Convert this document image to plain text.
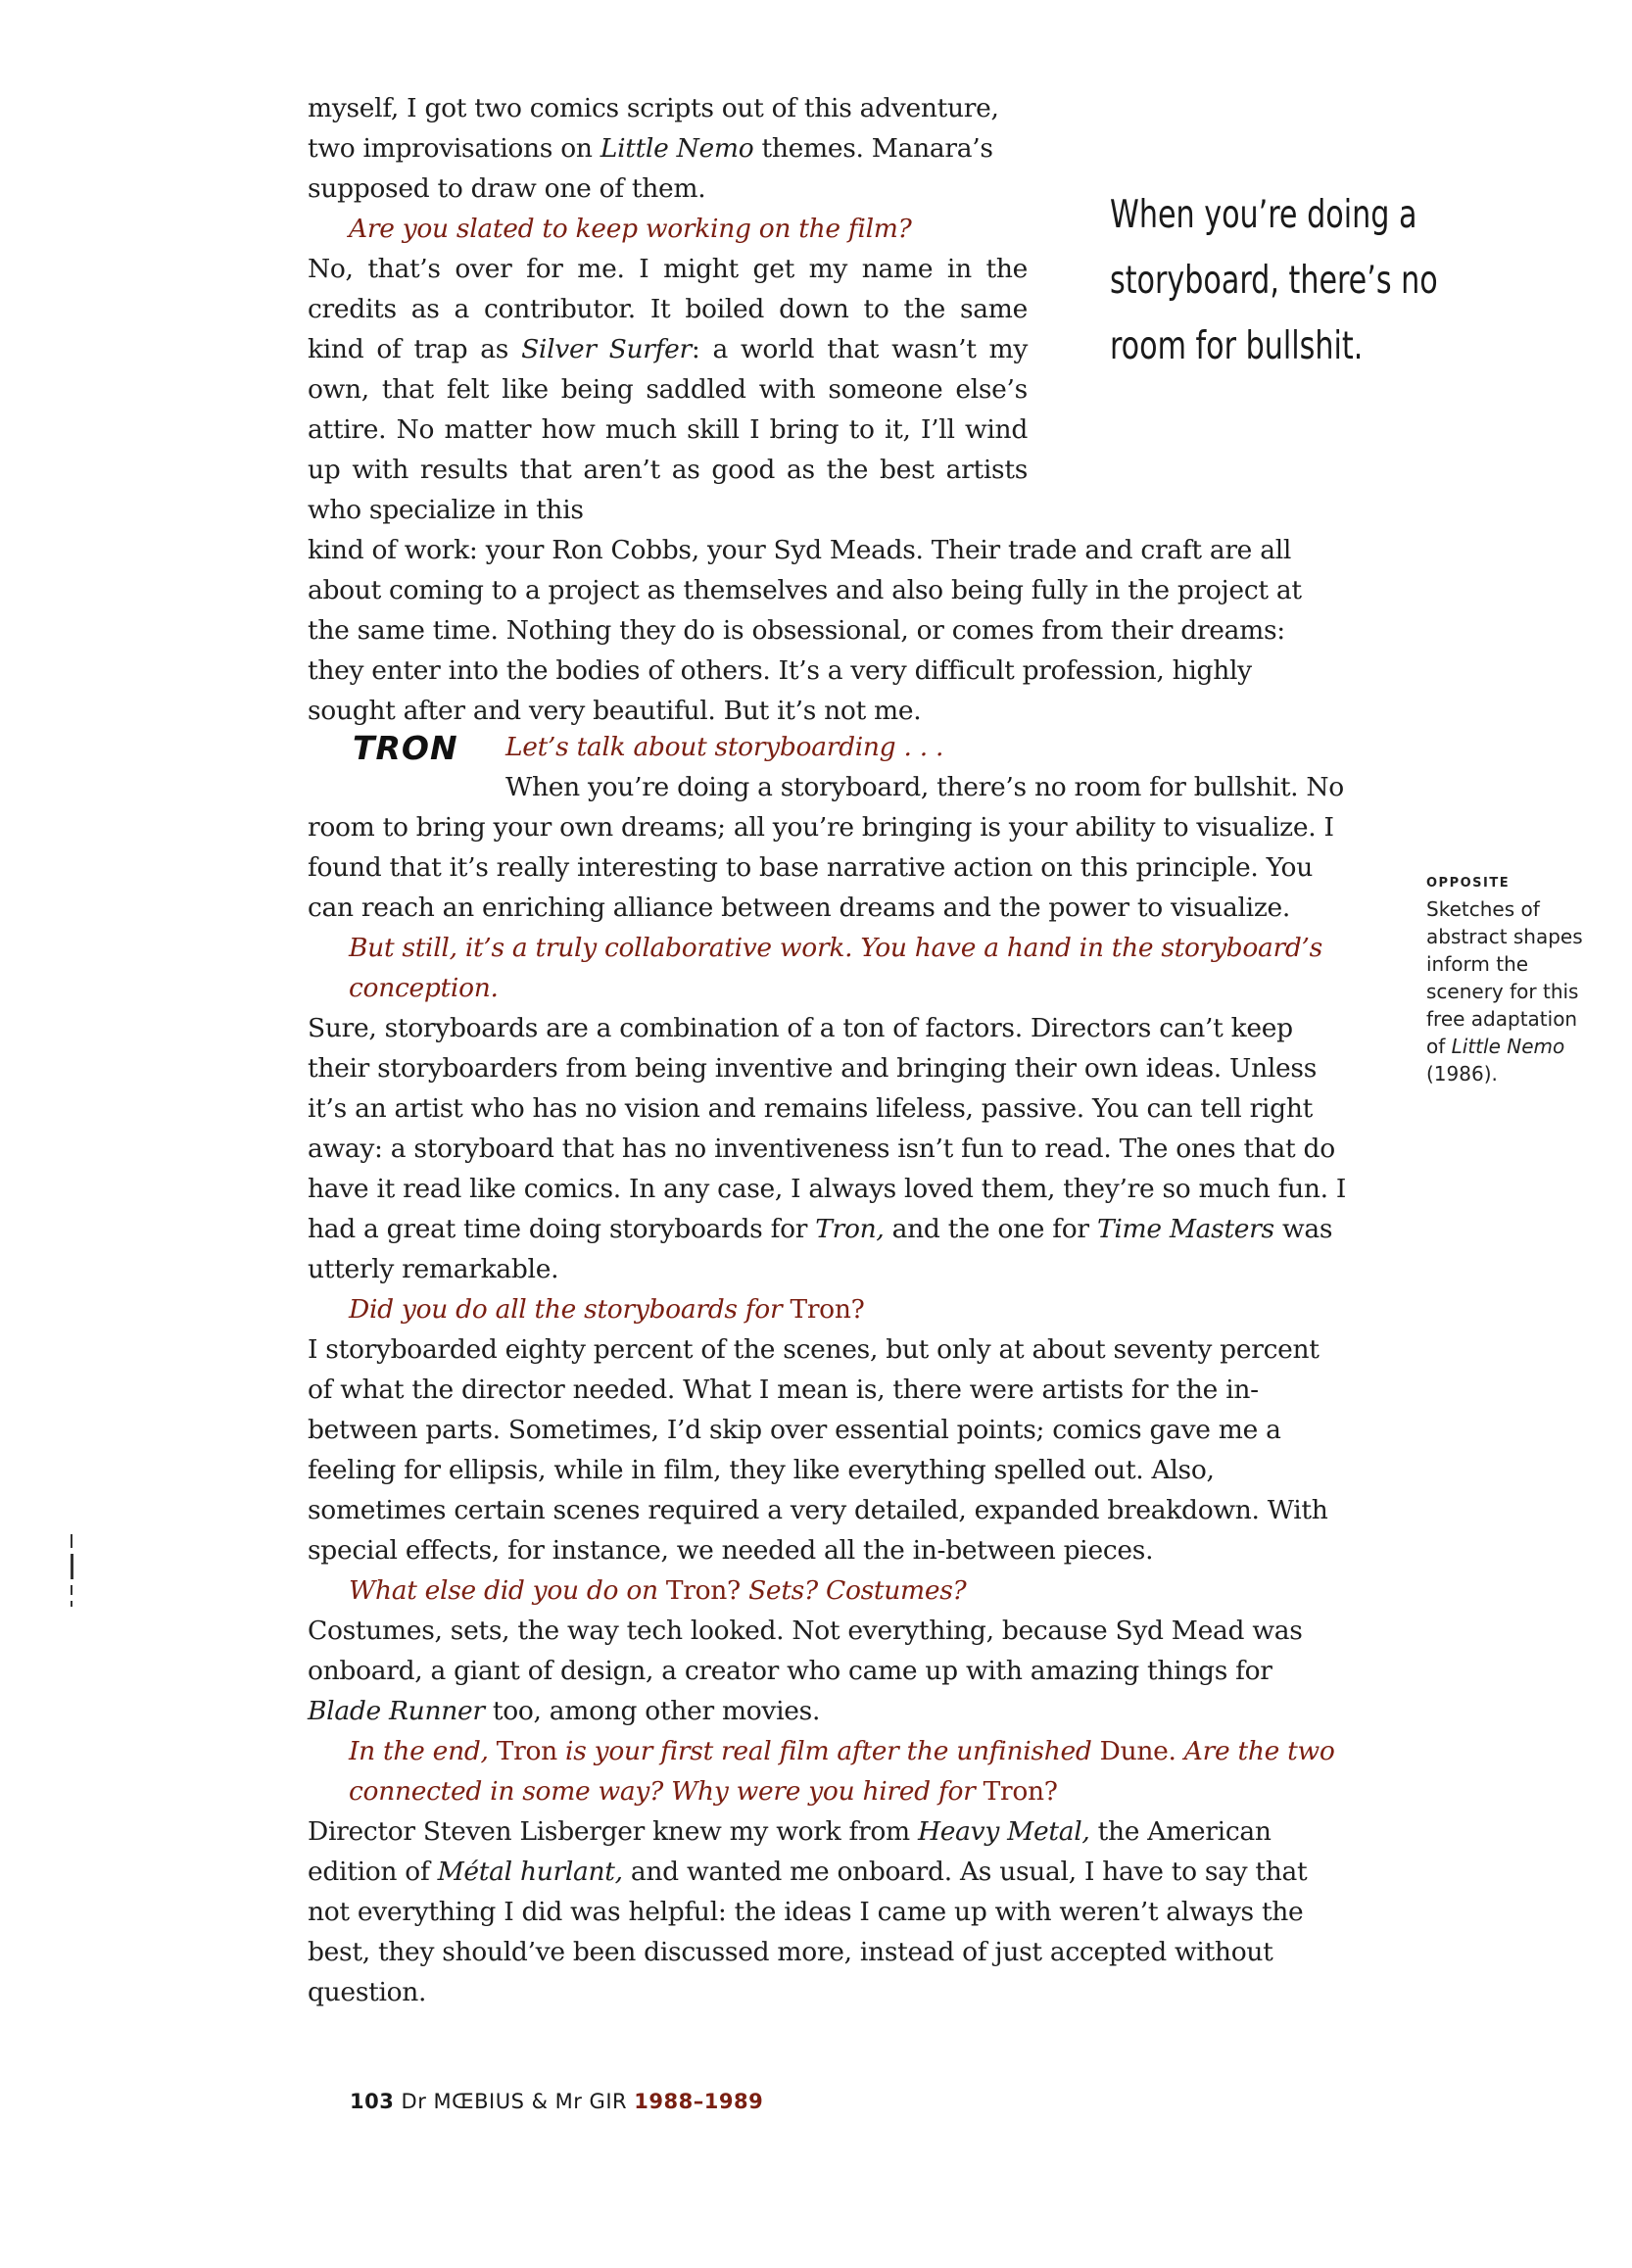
myself, I got two comics scripts out of this adventure, two improvisations on Little Nemo themes. Manara’s supposed to draw one of them.

Are you slated to keep working on the film?

No, that’s over for me. I might get my name in the credits as a contributor. It boiled down to the same kind of trap as Silver Surfer: a world that wasn’t my own, that felt like being saddled with someone else’s attire. No matter how much skill I bring to it, I’ll wind up with results that aren’t as good as the best artists who specialize in this

kind of work: your Ron Cobbs, your Syd Meads. Their trade and craft are all about coming to a project as themselves and also being fully in the project at the same time. Nothing they do is obsessional, or comes from their dreams: they enter into the bodies of others. It’s a very difficult profession, highly sought after and very beautiful. But it’s not me.

When you’re doing a storyboard, there’s no room for bullshit.
TRON	Let’s talk about storyboarding . . .

When you’re doing a storyboard, there’s no room for bullshit. No

room to bring your own dreams; all you’re bringing is your ability to visualize. I found that it’s really interesting to base narrative action on this principle. You can reach an enriching alliance between dreams and the power to visualize.

But still, it’s a truly collaborative work. You have a hand in the storyboard’s conception.

Sure, storyboards are a combination of a ton of factors. Directors can’t keep their storyboarders from being inventive and bringing their own ideas. Unless it’s an artist who has no vision and remains lifeless, passive. You can tell right away: a storyboard that has no inventiveness isn’t fun to read. The ones that do have it read like comics. In any case, I always loved them, they’re so much fun. I had a great time doing storyboards for Tron, and the one for Time Masters was utterly remarkable.

Did you do all the storyboards for Tron?

I storyboarded eighty percent of the scenes, but only at about seventy percent of what the director needed. What I mean is, there were artists for the in-between parts. Sometimes, I’d skip over essential points; comics gave me a feeling for ellipsis, while in film, they like everything spelled out. Also, sometimes certain scenes required a very detailed, expanded breakdown. With special effects, for instance, we needed all the in-between pieces.

What else did you do on Tron? Sets? Costumes?

Costumes, sets, the way tech looked. Not everything, because Syd Mead was onboard, a giant of design, a creator who came up with amazing things for Blade Runner too, among other movies.

In the end, Tron is your first real film after the unfinished Dune. Are the two connected in some way? Why were you hired for Tron?

Director Steven Lisberger knew my work from Heavy Metal, the American edition of Métal hurlant, and wanted me onboard. As usual, I have to say that not everything I did was helpful: the ideas I came up with weren’t always the best, they should’ve been discussed more, instead of just accepted without question.

OPPOSITE
Sketches of abstract shapes inform the scenery for this free adaptation of Little Nemo (1986).
103 Dr MŒBIUS & Mr GIR 1988–1989
